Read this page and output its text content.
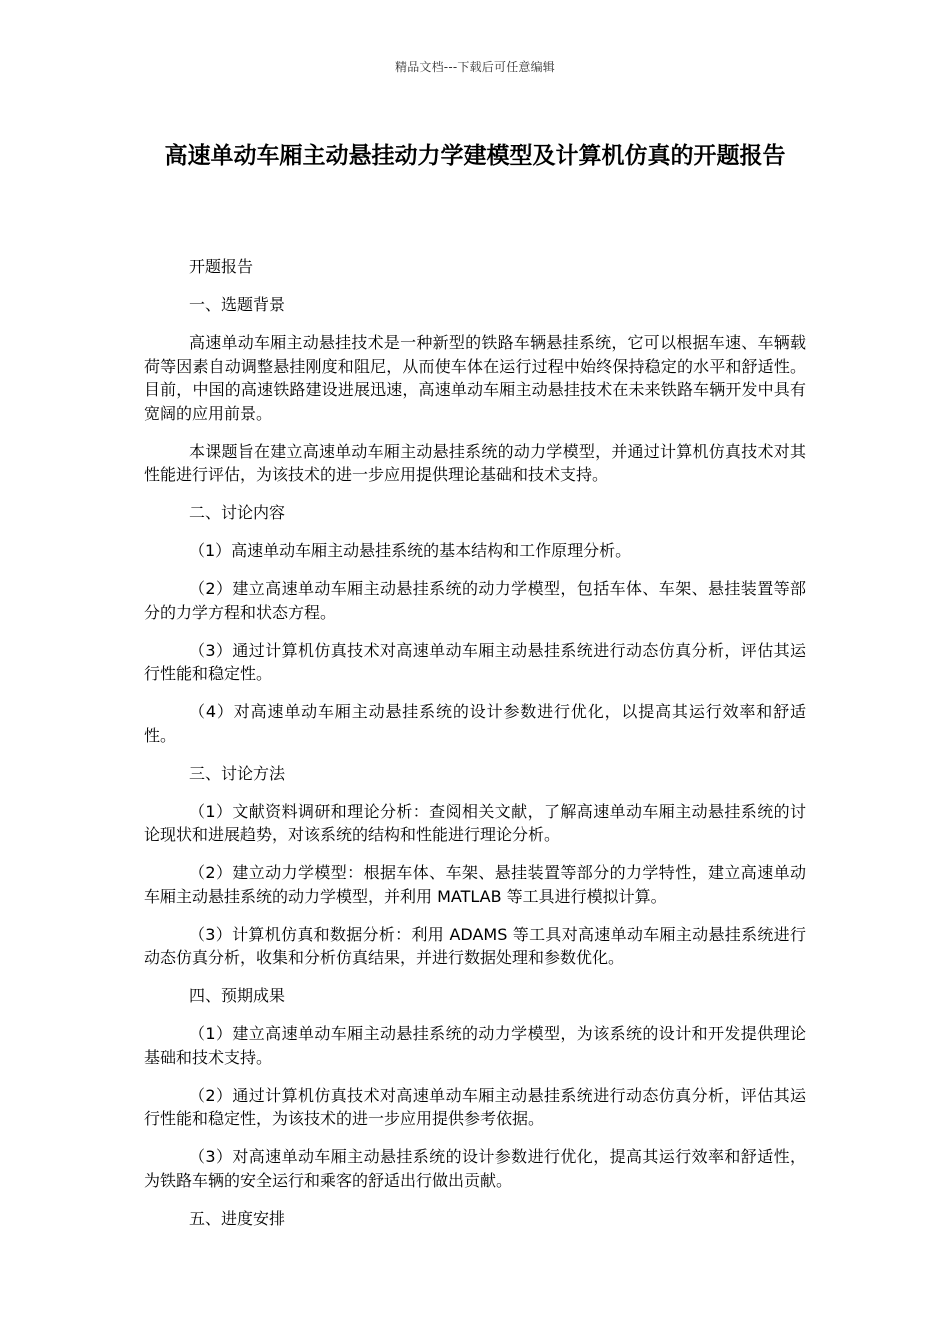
精品文档---下载后可任意编辑
高速单动车厢主动悬挂动力学建模型及计算机仿真的开题报告

开题报告

一、选题背景

高速单动车厢主动悬挂技术是一种新型的铁路车辆悬挂系统，它可以根据车速、车辆载荷等因素自动调整悬挂刚度和阻尼，从而使车体在运行过程中始终保持稳定的水平和舒适性。目前，中国的高速铁路建设进展迅速，高速单动车厢主动悬挂技术在未来铁路车辆开发中具有宽阔的应用前景。

本课题旨在建立高速单动车厢主动悬挂系统的动力学模型，并通过计算机仿真技术对其性能进行评估，为该技术的进一步应用提供理论基础和技术支持。

二、讨论内容

（1）高速单动车厢主动悬挂系统的基本结构和工作原理分析。

（2）建立高速单动车厢主动悬挂系统的动力学模型，包括车体、车架、悬挂装置等部分的力学方程和状态方程。

（3）通过计算机仿真技术对高速单动车厢主动悬挂系统进行动态仿真分析，评估其运行性能和稳定性。

（4）对高速单动车厢主动悬挂系统的设计参数进行优化，以提高其运行效率和舒适性。

三、讨论方法

（1）文献资料调研和理论分析：查阅相关文献，了解高速单动车厢主动悬挂系统的讨论现状和进展趋势，对该系统的结构和性能进行理论分析。

（2）建立动力学模型：根据车体、车架、悬挂装置等部分的力学特性，建立高速单动车厢主动悬挂系统的动力学模型，并利用 MATLAB 等工具进行模拟计算。

（3）计算机仿真和数据分析：利用 ADAMS 等工具对高速单动车厢主动悬挂系统进行动态仿真分析，收集和分析仿真结果，并进行数据处理和参数优化。

四、预期成果

（1）建立高速单动车厢主动悬挂系统的动力学模型，为该系统的设计和开发提供理论基础和技术支持。

（2）通过计算机仿真技术对高速单动车厢主动悬挂系统进行动态仿真分析，评估其运行性能和稳定性，为该技术的进一步应用提供参考依据。

（3）对高速单动车厢主动悬挂系统的设计参数进行优化，提高其运行效率和舒适性，为铁路车辆的安全运行和乘客的舒适出行做出贡献。

五、进度安排
